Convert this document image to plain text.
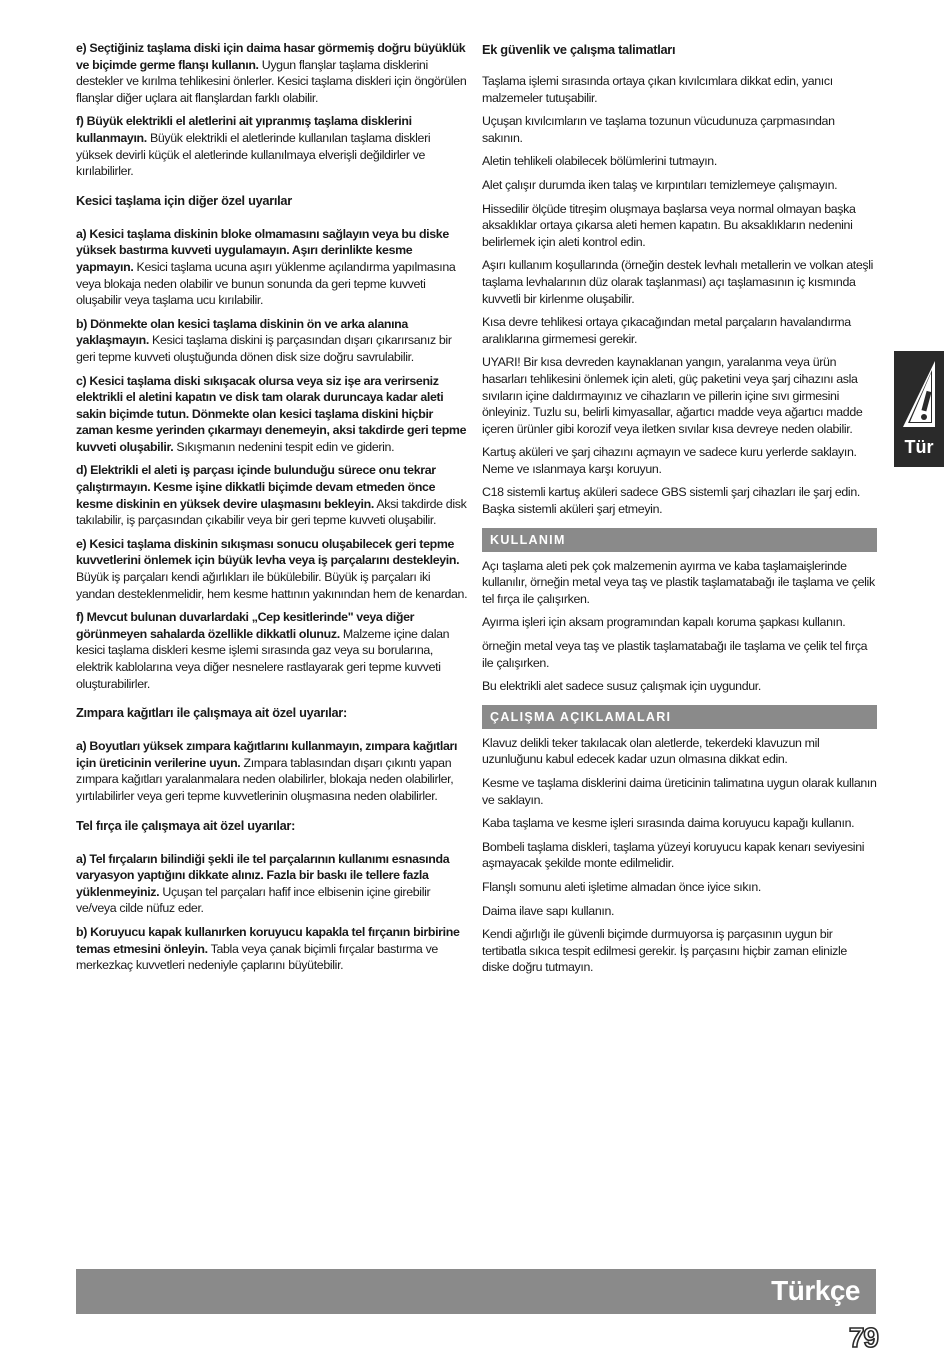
e) Seçtiğiniz taşlama diski için daima hasar görmemiş doğru büyüklük ve biçimde germe flanşı kullanın. Uygun flanşlar taşlama disklerini destekler ve kırılma tehlikesini önlerler. Kesici taşlama diskleri için öngörülen flanşlar diğer uçlara ait flanşlardan farklı olabilir.

f) Büyük elektrikli el aletlerini ait yıpranmış taşlama disklerini kullanmayın. Büyük elektrikli el aletlerinde kullanılan taşlama diskleri yüksek devirli küçük el aletlerinde kullanılmaya elverişli değildirler ve kırılabilirler.

Kesici taşlama için diğer özel uyarılar

a) Kesici taşlama diskinin bloke olmamasını sağlayın veya bu diske yüksek bastırma kuvveti uygulamayın. Aşırı derinlikte kesme yapmayın. Kesici taşlama ucuna aşırı yüklenme açılandırma yapılmasına veya blokaja neden olabilir ve bunun sonunda da geri tepme kuvveti oluşabilir veya taşlama ucu kırılabilir.

b) Dönmekte olan kesici taşlama diskinin ön ve arka alanına yaklaşmayın. Kesici taşlama diskini iş parçasından dışarı çıkarırsanız bir geri tepme kuvveti oluştuğunda dönen disk size doğru savrulabilir.

c) Kesici taşlama diski sıkışacak olursa veya siz işe ara verirseniz elektrikli el aletini kapatın ve disk tam olarak duruncaya kadar aleti sakin biçimde tutun. Dönmekte olan kesici taşlama diskini hiçbir zaman kesme yerinden çıkarmayı denemeyin, aksi takdirde geri tepme kuvveti oluşabilir. Sıkışmanın nedenini tespit edin ve giderin.

d) Elektrikli el aleti iş parçası içinde bulunduğu sürece onu tekrar çalıştırmayın. Kesme işine dikkatli biçimde devam etmeden önce kesme diskinin en yüksek devire ulaşmasını bekleyin. Aksi takdirde disk takılabilir, iş parçasından çıkabilir veya bir geri tepme kuvveti oluşabilir.

e) Kesici taşlama diskinin sıkışması sonucu oluşabilecek geri tepme kuvvetlerini önlemek için büyük levha veya iş parçalarını destekleyin. Büyük iş parçaları kendi ağırlıkları ile bükülebilir. Büyük iş parçaları iki yandan desteklenmelidir, hem kesme hattının yakınından hem de kenardan.

f) Mevcut bulunan duvarlardaki „Cep kesitlerinde" veya diğer görünmeyen sahalarda özellikle dikkatli olunuz. Malzeme içine dalan kesici taşlama diskleri kesme işlemi sırasında gaz veya su borularına, elektrik kablolarına veya diğer nesnelere rastlayarak geri tepme kuvveti oluşturabilirler.

Zımpara kağıtları ile çalışmaya ait özel uyarılar:

a) Boyutları yüksek zımpara kağıtlarını kullanmayın, zımpara kağıtları için üreticinin verilerine uyun. Zımpara tablasından dışarı çıkıntı yapan zımpara kağıtları yaralanmalara neden olabilirler, blokaja neden olabilirler, yırtılabilirler veya geri tepme kuvvetlerinin oluşmasına neden olabilirler.

Tel fırça ile çalışmaya ait özel uyarılar:

a) Tel fırçaların bilindiği şekli ile tel parçalarının kullanımı esnasında varyasyon yaptığını dikkate alınız. Fazla bir baskı ile tellere fazla yüklenmeyiniz. Uçuşan tel parçaları hafif ince elbisenin içine girebilir ve/veya cilde nüfuz eder.

b) Koruyucu kapak kullanırken koruyucu kapakla tel fırçanın birbirine temas etmesini önleyin. Tabla veya çanak biçimli fırçalar bastırma ve merkezkaç kuvvetleri nedeniyle çaplarını büyütebilir.

Ek güvenlik ve çalışma talimatları

Taşlama işlemi sırasında ortaya çıkan kıvılcımlara dikkat edin, yanıcı malzemeler tutuşabilir.

Uçuşan kıvılcımların ve taşlama tozunun vücudunuza çarpmasından sakının.

Aletin tehlikeli olabilecek bölümlerini tutmayın.

Alet çalışır durumda iken talaş ve kırpıntıları temizlemeye çalışmayın.

Hissedilir ölçüde titreşim oluşmaya başlarsa veya normal olmayan başka aksaklıklar ortaya çıkarsa aleti hemen kapatın. Bu aksaklıkların nedenini belirlemek için aleti kontrol edin.

Aşırı kullanım koşullarında (örneğin destek levhalı metallerin ve volkan ateşli taşlama levhalarının düz olarak taşlanması) açı taşlamasının iç kısmında kuvvetli bir kirlenme oluşabilir.

Kısa devre tehlikesi ortaya çıkacağından metal parçaların havalandırma aralıklarına girmemesi gerekir.

UYARI! Bir kısa devreden kaynaklanan yangın, yaralanma veya ürün hasarları tehlikesini önlemek için aleti, güç paketini veya şarj cihazını asla sıvıların içine daldırmayınız ve cihazların ve pillerin içine sıvı girmesini önleyiniz. Tuzlu su, belirli kimyasallar, ağartıcı madde veya ağartıcı madde içeren ürünler gibi korozif veya iletken sıvılar kısa devreye neden olabilir.

Kartuş aküleri ve şarj cihazını açmayın ve sadece kuru yerlerde saklayın. Neme ve ıslanmaya karşı koruyun.

C18 sistemli kartuş aküleri sadece GBS sistemli şarj cihazları ile şarj edin. Başka sistemli aküleri şarj etmeyin.

KULLANIM

Açı taşlama aleti pek çok malzemenin ayırma ve kaba taşlamaişlerinde kullanılır, örneğin metal veya taş ve plastik taşlamatabağı ile taşlama ve çelik tel fırça ile çalışırken.

Ayırma işleri için aksam programından kapalı koruma şapkası kullanın.

örneğin metal veya taş ve plastik taşlamatabağı ile taşlama ve çelik tel fırça ile çalışırken.

Bu elektrikli alet sadece susuz çalışmak için uygundur.

ÇALIŞMA AÇIKLAMALARI

Klavuz delikli teker takılacak olan aletlerde, tekerdeki klavuzun mil uzunluğunu kabul edecek kadar uzun olmasına dikkat edin.

Kesme ve taşlama disklerini daima üreticinin talimatına uygun olarak kullanın ve saklayın.

Kaba taşlama ve kesme işleri sırasında daima koruyucu kapağı kullanın.

Bombeli taşlama diskleri, taşlama yüzeyi koruyucu kapak kenarı seviyesini aşmayacak şekilde monte edilmelidir.

Flanşlı somunu aleti işletime almadan önce iyice sıkın.

Daima ilave sapı kullanın.

Kendi ağırlığı ile güvenli biçimde durmuyorsa iş parçasının uygun bir tertibatla sıkıca tespit edilmesi gerekir. İş parçasını hiçbir zaman elinizle diske doğru tutmayın.

Tür
Türkçe
79
